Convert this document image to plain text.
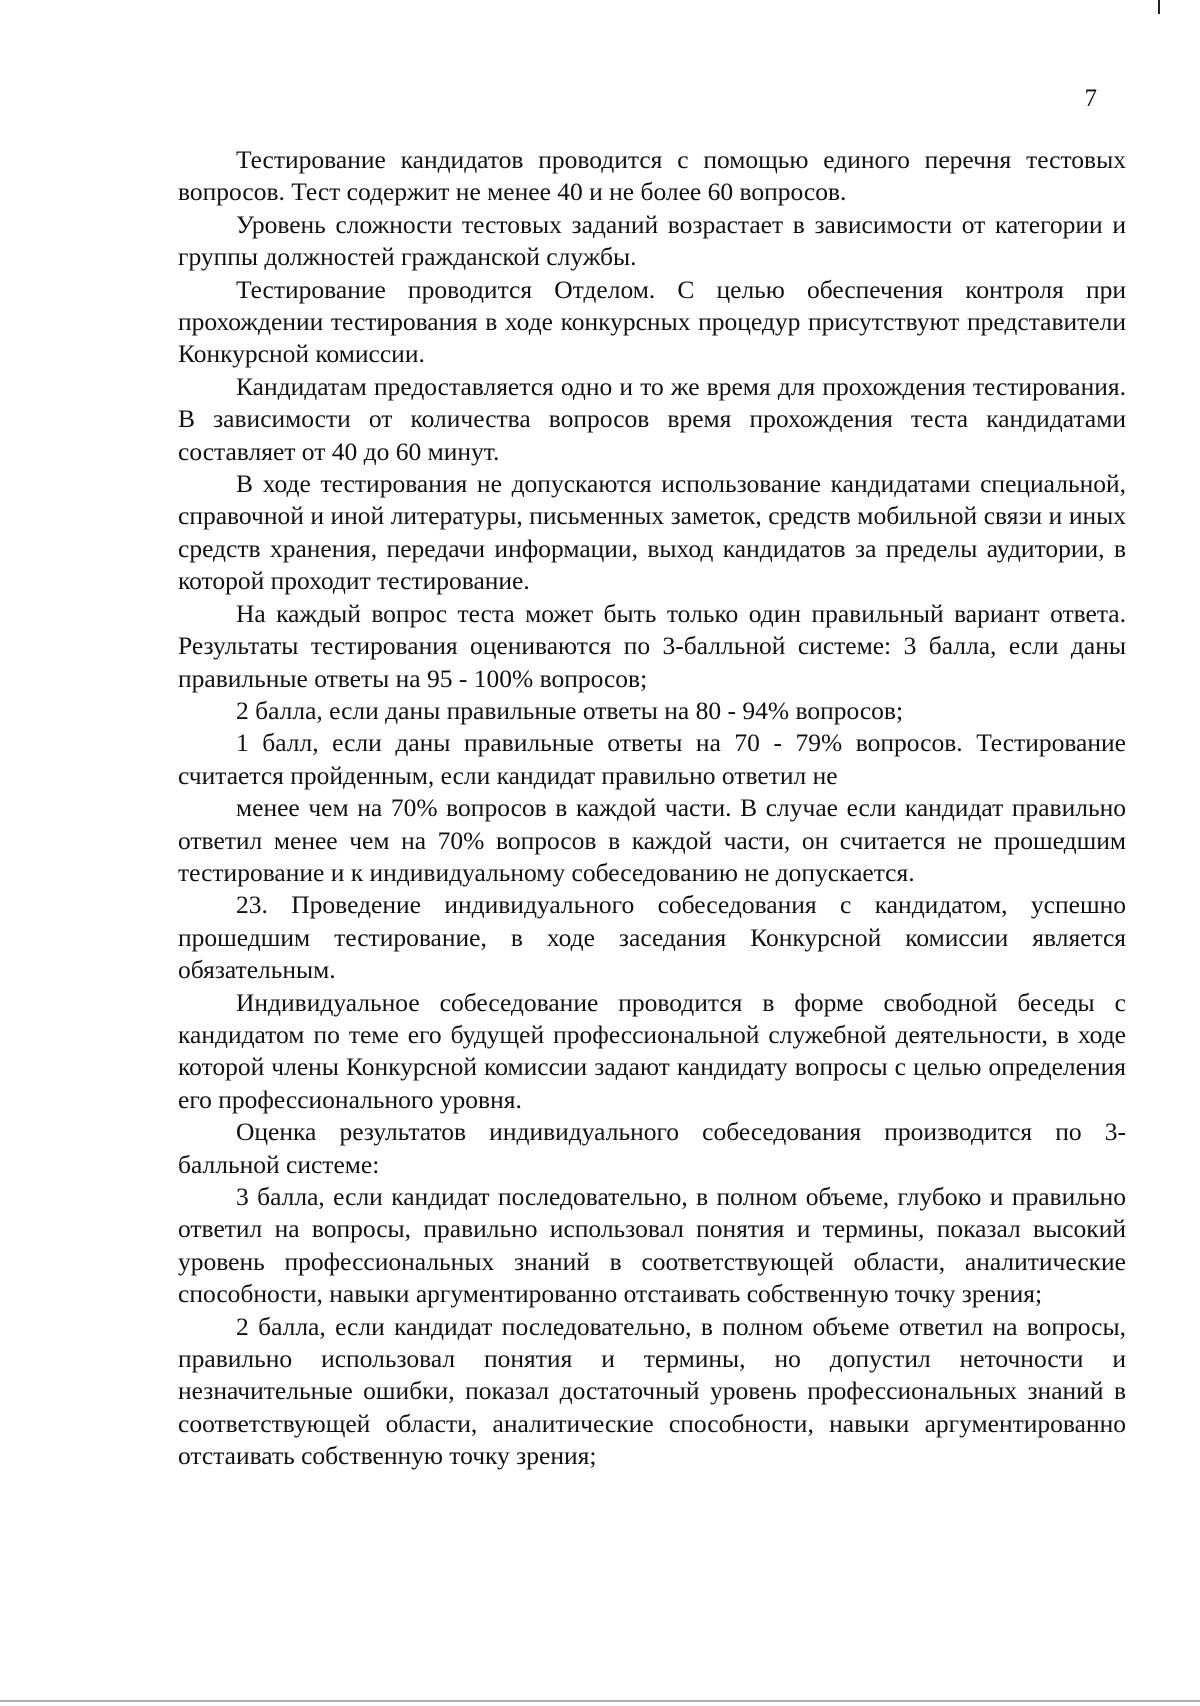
7

Тестирование кандидатов проводится с помощью единого перечня тестовых вопросов. Тест содержит не менее 40 и не более 60 вопросов.

Уровень сложности тестовых заданий возрастает в зависимости от категории и группы должностей гражданской службы.

Тестирование проводится Отделом. С целью обеспечения контроля при прохождении тестирования в ходе конкурсных процедур присутствуют представители Конкурсной комиссии.

Кандидатам предоставляется одно и то же время для прохождения тестирования. В зависимости от количества вопросов время прохождения теста кандидатами составляет от 40 до 60 минут.

В ходе тестирования не допускаются использование кандидатами специальной, справочной и иной литературы, письменных заметок, средств мобильной связи и иных средств хранения, передачи информации, выход кандидатов за пределы аудитории, в которой проходит тестирование.

На каждый вопрос теста может быть только один правильный вариант ответа. Результаты тестирования оцениваются по 3-балльной системе: 3 балла, если даны правильные ответы на 95 - 100% вопросов;

2 балла, если даны правильные ответы на 80 - 94% вопросов;

1 балл, если даны правильные ответы на 70 - 79% вопросов. Тестирование считается пройденным, если кандидат правильно ответил не

менее чем на 70% вопросов в каждой части. В случае если кандидат правильно ответил менее чем на 70% вопросов в каждой части, он считается не прошедшим тестирование и к индивидуальному собеседованию не допускается.

23. Проведение индивидуального собеседования с кандидатом, успешно прошедшим тестирование, в ходе заседания Конкурсной комиссии является обязательным.

Индивидуальное собеседование проводится в форме свободной беседы с кандидатом по теме его будущей профессиональной служебной деятельности, в ходе которой члены Конкурсной комиссии задают кандидату вопросы с целью определения его профессионального уровня.

Оценка результатов индивидуального собеседования производится по 3-балльной системе:

3 балла, если кандидат последовательно, в полном объеме, глубоко и правильно ответил на вопросы, правильно использовал понятия и термины, показал высокий уровень профессиональных знаний в соответствующей области, аналитические способности, навыки аргументированно отстаивать собственную точку зрения;

2 балла, если кандидат последовательно, в полном объеме ответил на вопросы, правильно использовал понятия и термины, но допустил неточности и незначительные ошибки, показал достаточный уровень профессиональных знаний в соответствующей области, аналитические способности, навыки аргументированно отстаивать собственную точку зрения;
